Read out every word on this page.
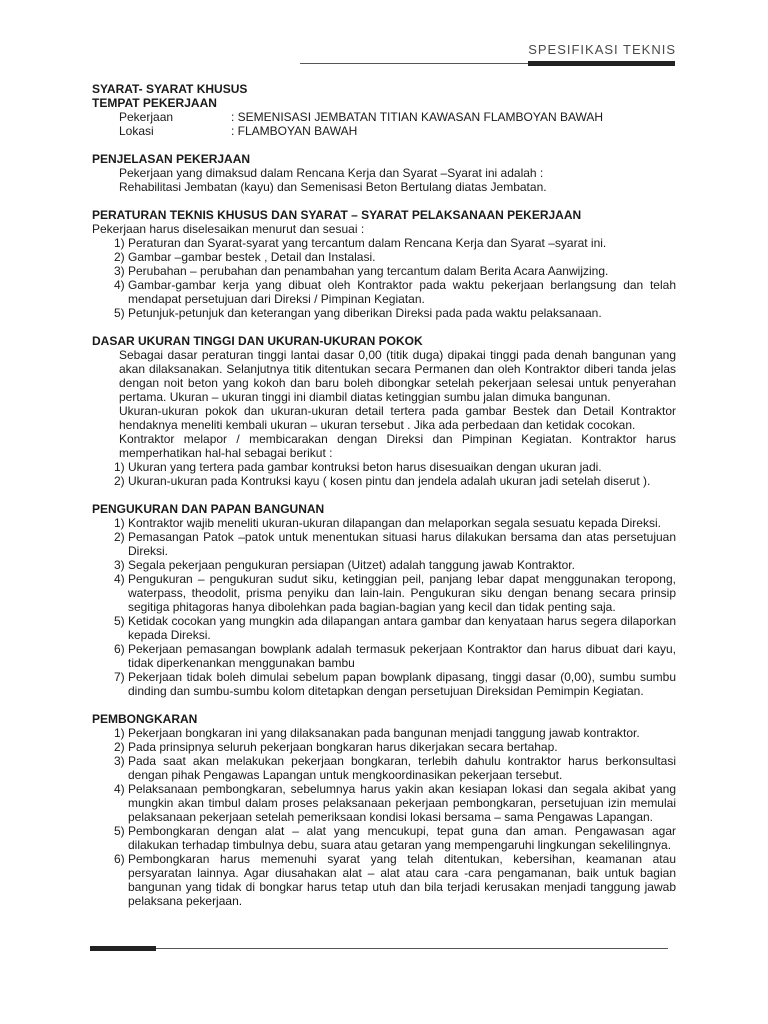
SPESIFIKASI TEKNIS
SYARAT- SYARAT KHUSUS
TEMPAT PEKERJAAN
Pekerjaan	: SEMENISASI JEMBATAN TITIAN KAWASAN FLAMBOYAN BAWAH
Lokasi	: FLAMBOYAN BAWAH
PENJELASAN PEKERJAAN
Pekerjaan yang dimaksud dalam Rencana Kerja dan Syarat –Syarat ini adalah :
Rehabilitasi Jembatan (kayu) dan Semenisasi Beton Bertulang diatas Jembatan.
PERATURAN TEKNIS KHUSUS DAN SYARAT – SYARAT PELAKSANAAN PEKERJAAN
Pekerjaan harus diselesaikan menurut dan sesuai :
1) Peraturan dan Syarat-syarat yang tercantum dalam Rencana Kerja dan Syarat –syarat ini.
2) Gambar –gambar bestek , Detail dan Instalasi.
3) Perubahan – perubahan dan penambahan yang tercantum dalam Berita Acara Aanwijzing.
4) Gambar-gambar kerja yang dibuat oleh Kontraktor pada waktu pekerjaan berlangsung dan telah mendapat persetujuan dari Direksi / Pimpinan Kegiatan.
5) Petunjuk-petunjuk dan keterangan yang diberikan Direksi pada pada waktu pelaksanaan.
DASAR UKURAN TINGGI DAN UKURAN-UKURAN POKOK
Sebagai dasar peraturan tinggi lantai dasar 0,00 (titik duga) dipakai tinggi pada denah bangunan yang akan dilaksanakan. Selanjutnya titik ditentukan secara Permanen dan oleh Kontraktor diberi tanda jelas dengan noit beton yang kokoh dan baru boleh dibongkar setelah pekerjaan selesai untuk penyerahan pertama. Ukuran – ukuran tinggi ini diambil diatas ketinggian sumbu jalan dimuka bangunan.
Ukuran-ukuran pokok dan ukuran-ukuran detail tertera pada gambar Bestek dan Detail Kontraktor hendaknya meneliti kembali ukuran – ukuran tersebut . Jika ada perbedaan dan ketidak cocokan.
Kontraktor melapor / membicarakan dengan Direksi dan Pimpinan Kegiatan. Kontraktor harus memperhatikan hal-hal sebagai berikut :
1) Ukuran yang tertera pada gambar kontruksi beton harus disesuaikan dengan ukuran jadi.
2) Ukuran-ukuran pada Kontruksi kayu ( kosen pintu dan jendela adalah ukuran jadi setelah diserut ).
PENGUKURAN DAN PAPAN BANGUNAN
1) Kontraktor wajib meneliti ukuran-ukuran dilapangan dan melaporkan segala sesuatu kepada Direksi.
2) Pemasangan Patok –patok untuk menentukan situasi harus dilakukan bersama dan atas persetujuan Direksi.
3) Segala pekerjaan pengukuran persiapan (Uitzet) adalah tanggung jawab Kontraktor.
4) Pengukuran – pengukuran sudut siku, ketinggian peil, panjang lebar dapat menggunakan teropong, waterpass, theodolit, prisma penyiku dan lain-lain. Pengukuran siku dengan benang secara prinsip segitiga phitagoras hanya dibolehkan pada bagian-bagian yang kecil dan tidak penting saja.
5) Ketidak cocokan yang mungkin ada dilapangan antara gambar dan kenyataan harus segera dilaporkan kepada Direksi.
6) Pekerjaan pemasangan bowplank adalah termasuk pekerjaan Kontraktor dan harus dibuat dari kayu, tidak diperkenankan menggunakan bambu
7) Pekerjaan tidak boleh dimulai sebelum papan bowplank dipasang, tinggi dasar (0,00), sumbu sumbu dinding dan sumbu-sumbu kolom ditetapkan dengan persetujuan Direksidan Pemimpin Kegiatan.
PEMBONGKARAN
1) Pekerjaan bongkaran ini yang dilaksanakan pada bangunan menjadi tanggung jawab kontraktor.
2) Pada prinsipnya seluruh pekerjaan bongkaran harus dikerjakan secara bertahap.
3) Pada saat akan melakukan pekerjaan bongkaran, terlebih dahulu kontraktor harus berkonsultasi dengan pihak Pengawas Lapangan untuk mengkoordinasikan pekerjaan tersebut.
4) Pelaksanaan pembongkaran, sebelumnya harus yakin akan kesiapan lokasi dan segala akibat yang mungkin akan timbul dalam proses pelaksanaan pekerjaan pembongkaran, persetujuan izin memulai pelaksanaan pekerjaan setelah pemeriksaan kondisi lokasi bersama – sama Pengawas Lapangan.
5) Pembongkaran dengan alat – alat yang mencukupi, tepat guna dan aman. Pengawasan agar dilakukan terhadap timbulnya debu, suara atau getaran yang mempengaruhi lingkungan sekelilingnya.
6) Pembongkaran harus memenuhi syarat yang telah ditentukan, kebersihan, keamanan atau persyaratan lainnya. Agar diusahakan alat – alat atau cara -cara pengamanan, baik untuk bagian bangunan yang tidak di bongkar harus tetap utuh dan bila terjadi kerusakan menjadi tanggung jawab pelaksana pekerjaan.
